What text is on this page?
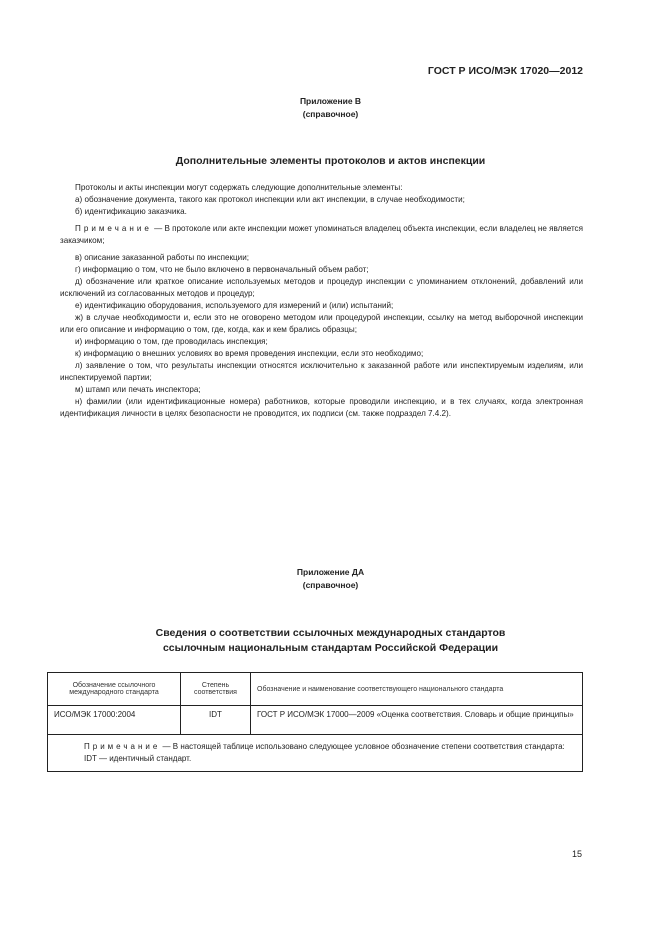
ГОСТ Р ИСО/МЭК 17020—2012
Приложение В
(справочное)
Дополнительные элементы протоколов и актов инспекции

Протоколы и акты инспекции могут содержать следующие дополнительные элементы:

а) обозначение документа, такого как протокол инспекции или акт инспекции, в случае необходимости;

б) идентификацию заказчика.

Примечание — В протоколе или акте инспекции может упоминаться владелец объекта инспекции, если владелец не является заказчиком;

в) описание заказанной работы по инспекции;

г) информацию о том, что не было включено в первоначальный объем работ;

д) обозначение или краткое описание используемых методов и процедур инспекции с упоминанием отклонений, добавлений или исключений из согласованных методов и процедур;

е) идентификацию оборудования, используемого для измерений и (или) испытаний;

ж) в случае необходимости и, если это не оговорено методом или процедурой инспекции, ссылку на метод выборочной инспекции или его описание и информацию о том, где, когда, как и кем брались образцы;

и) информацию о том, где проводилась инспекция;

к) информацию о внешних условиях во время проведения инспекции, если это необходимо;

л) заявление о том, что результаты инспекции относятся исключительно к заказанной работе или инспектируемым изделиям, или инспектируемой партии;

м) штамп или печать инспектора;

н) фамилии (или идентификационные номера) работников, которые проводили инспекцию, и в тех случаях, когда электронная идентификация личности в целях безопасности не проводится, их подписи (см. также подраздел 7.4.2).

Приложение ДА
(справочное)
Сведения о соответствии ссылочных международных стандартов
ссылочным национальным стандартам Российской Федерации
Обозначение ссылочного международного стандарта	Степень соответствия	Обозначение и наименование соответствующего национального стандарта
ИСО/МЭК 17000:2004	IDT	ГОСТ Р ИСО/МЭК 17000—2009 «Оценка соответствия. Словарь и общие принципы»

Примечание — В настоящей таблице использовано следующее условное обозначение степени соответствия стандарта:
IDT — идентичный стандарт.		
15
